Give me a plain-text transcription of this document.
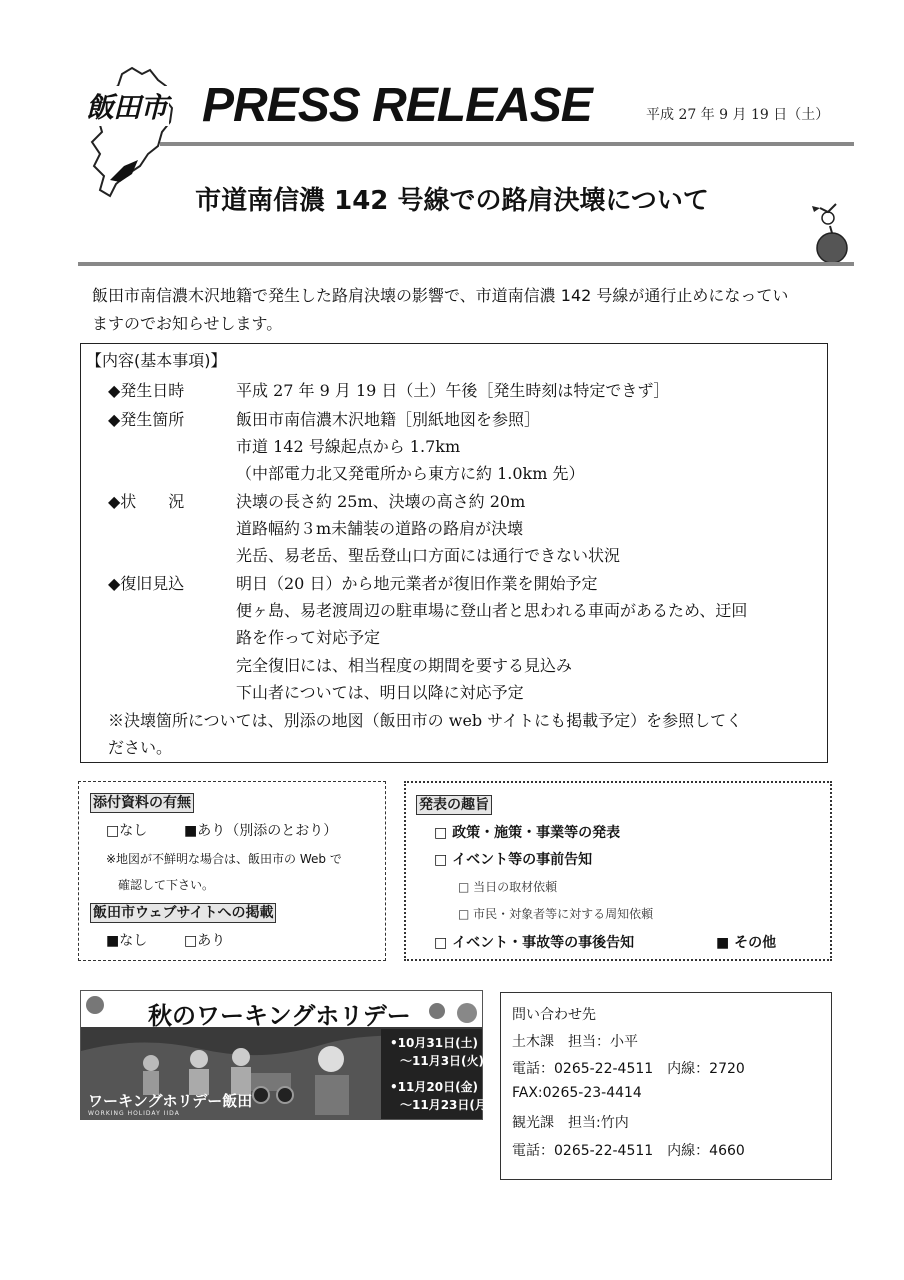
飯田市 PRESS RELEASE	平成 27 年 9 月 19 日（土）
市道南信濃 142 号線での路肩決壊について
飯田市南信濃木沢地籍で発生した路肩決壊の影響で、市道南信濃 142 号線が通行止めになってい
ますのでお知らせします。
【内容(基本事項)】
◆発生日時	平成 27 年 9 月 19 日（土）午後［発生時刻は特定できず］
◆発生箇所	飯田市南信濃木沢地籍［別紙地図を参照］
市道 142 号線起点から 1.7km
（中部電力北又発電所から東方に約 1.0km 先）
◆状　　況	決壊の長さ約 25m、決壊の高さ約 20m
道路幅約３m未舗装の道路の路肩が決壊
光岳、易老岳、聖岳登山口方面には通行できない状況
◆復旧見込	明日（20 日）から地元業者が復旧作業を開始予定
便ヶ島、易老渡周辺の駐車場に登山者と思われる車両があるため、迂回
路を作って対応予定
完全復旧には、相当程度の期間を要する見込み
下山者については、明日以降に対応予定
※決壊箇所については、別添の地図（飯田市の web サイトにも掲載予定）を参照してく
ださい。
添付資料の有無
□なし	■あり（別添のとおり）
※地図が不鮮明な場合は、飯田市の Web で
確認して下さい。
飯田市ウェブサイトへの掲載
■なし	□あり
発表の趣旨
□ 政策・施策・事業等の発表
□ イベント等の事前告知
□ 当日の取材依頼
□ 市民・対象者等に対する周知依頼
□ イベント・事故等の事後告知	■ その他
秋のワーキングホリデー
ワーキングホリデー飯田
WORKING HOLIDAY IIDA
•10月31日(土)
〜11月3日(火)
•11月20日(金)
〜11月23日(月)
問い合わせ先
土木課　担当：小平
電話：0265-22-4511　内線：2720
FAX:0265-23-4414
観光課　担当:竹内
電話：0265-22-4511　内線：4660
